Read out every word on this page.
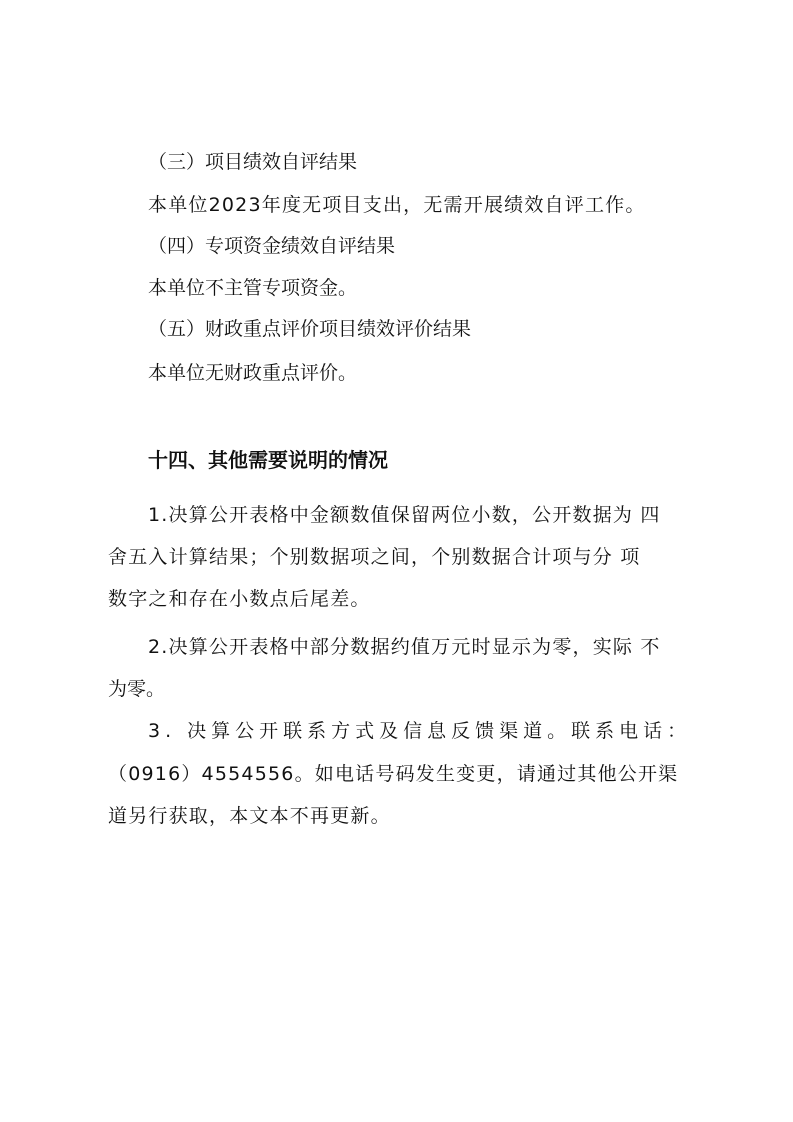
（三）项目绩效自评结果
本单位2023年度无项目支出，无需开展绩效自评工作。
（四）专项资金绩效自评结果
本单位不主管专项资金。
（五）财政重点评价项目绩效评价结果
本单位无财政重点评价。
十四、其他需要说明的情况
1.决算公开表格中金额数值保留两位小数，公开数据为 四
舍五入计算结果；个别数据项之间，个别数据合计项与分 项
数字之和存在小数点后尾差。
2.决算公开表格中部分数据约值万元时显示为零，实际 不
为零。
3. 决算公开联系方式及信息反馈渠道。联系电话：
（0916）4554556。如电话号码发生变更，请通过其他公开渠
道另行获取，本文本不再更新。
